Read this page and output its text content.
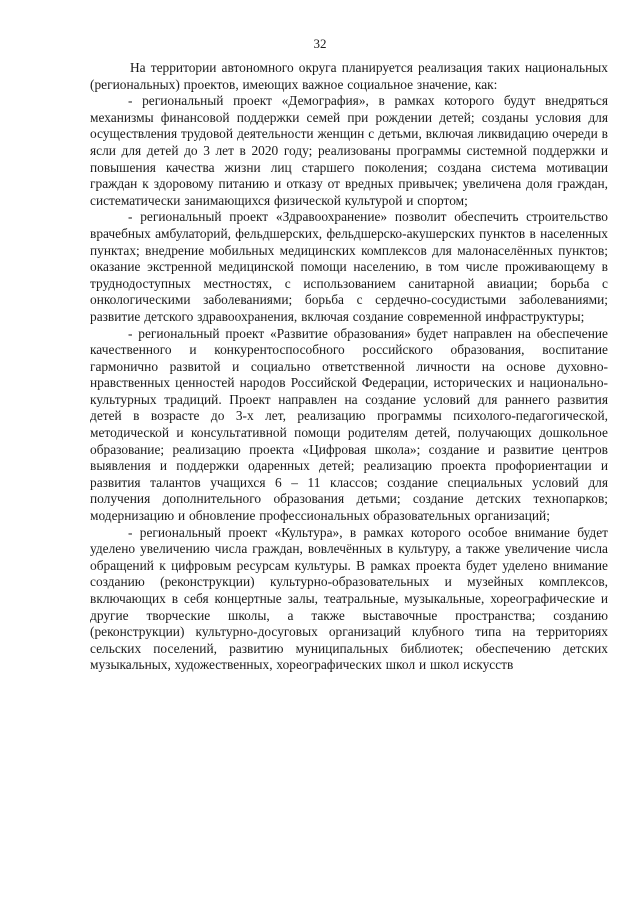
32

На территории автономного округа планируется реализация таких национальных (региональных) проектов, имеющих важное социальное значение, как:

- региональный проект «Демография», в рамках которого будут внедряться механизмы финансовой поддержки семей при рождении детей; созданы условия для осуществления трудовой деятельности женщин с детьми, включая ликвидацию очереди в ясли для детей до 3 лет в 2020 году; реализованы программы системной поддержки и повышения качества жизни лиц старшего поколения; создана система мотивации граждан к здоровому питанию и отказу от вредных привычек; увеличена доля граждан, систематически занимающихся физической культурой и спортом;

- региональный проект «Здравоохранение» позволит обеспечить строительство врачебных амбулаторий, фельдшерских, фельдшерско-акушерских пунктов в населенных пунктах; внедрение мобильных медицинских комплексов для малонаселённых пунктов; оказание экстренной медицинской помощи населению, в том числе проживающему в труднодоступных местностях, с использованием санитарной авиации; борьба с онкологическими заболеваниями; борьба с сердечно-сосудистыми заболеваниями; развитие детского здравоохранения, включая создание современной инфраструктуры;

- региональный проект «Развитие образования» будет направлен на обеспечение качественного и конкурентоспособного российского образования, воспитание гармонично развитой и социально ответственной личности на основе духовно-нравственных ценностей народов Российской Федерации, исторических и национально-культурных традиций. Проект направлен на создание условий для раннего развития детей в возрасте до 3-х лет, реализацию программы психолого-педагогической, методической и консультативной помощи родителям детей, получающих дошкольное образование; реализацию проекта «Цифровая школа»; создание и развитие центров выявления и поддержки одаренных детей; реализацию проекта профориентации и развития талантов учащихся 6 – 11 классов; создание специальных условий для получения дополнительного образования детьми; создание детских технопарков; модернизацию и обновление профессиональных образовательных организаций;

- региональный проект «Культура», в рамках которого особое внимание будет уделено увеличению числа граждан, вовлечённых в культуру, а также увеличение числа обращений к цифровым ресурсам культуры. В рамках проекта будет уделено внимание созданию (реконструкции) культурно-образовательных и музейных комплексов, включающих в себя концертные залы, театральные, музыкальные, хореографические и другие творческие школы, а также выставочные пространства; созданию (реконструкции) культурно-досуговых организаций клубного типа на территориях сельских поселений, развитию муниципальных библиотек; обеспечению детских музыкальных, художественных, хореографических школ и школ искусств
